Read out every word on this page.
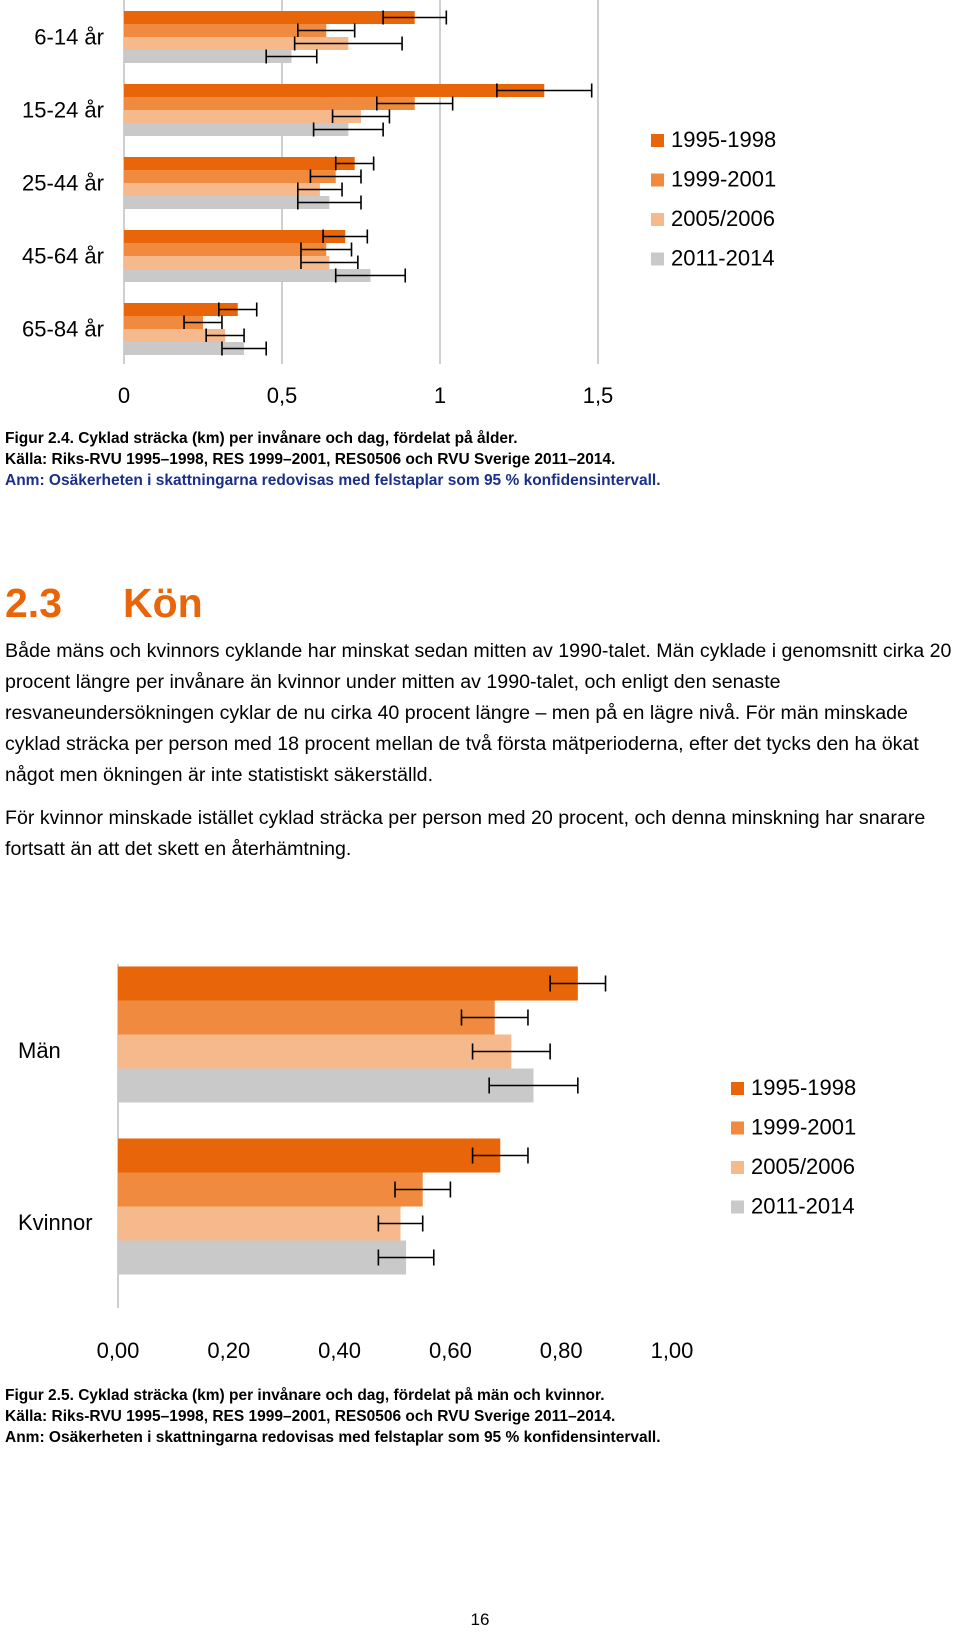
6-14 år
15-24 år
25-44 år
45-64 år
65-84 år
0	0,5	1	1,5
1995-1998
1999-2001
2005/2006
2011-2014
Figur 2.4. Cyklad sträcka (km) per invånare och dag, fördelat på ålder.
Källa: Riks-RVU 1995–1998, RES 1999–2001, RES0506 och RVU Sverige 2011–2014.
Anm: Osäkerheten i skattningarna redovisas med felstaplar som 95 % konfidensintervall.
2.3 Kön

Både mäns och kvinnors cyklande har minskat sedan mitten av 1990-talet. Män cyklade i genomsnitt cirka 20 procent längre per invånare än kvinnor under mitten av 1990-talet, och enligt den senaste resvaneundersökningen cyklar de nu cirka 40 procent längre – men på en lägre nivå. För män minskade cyklad sträcka per person med 18 procent mellan de två första mätperioderna, efter det tycks den ha ökat något men ökningen är inte statistiskt säkerställd.

För kvinnor minskade istället cyklad sträcka per person med 20 procent, och denna minskning har snarare fortsatt än att det skett en återhämtning.

Män
Kvinnor
0,00	0,20	0,40	0,60	0,80	1,00
1995-1998
1999-2001
2005/2006
2011-2014
Figur 2.5. Cyklad sträcka (km) per invånare och dag, fördelat på män och kvinnor.
Källa: Riks-RVU 1995–1998, RES 1999–2001, RES0506 och RVU Sverige 2011–2014.
Anm: Osäkerheten i skattningarna redovisas med felstaplar som 95 % konfidensintervall.
16
